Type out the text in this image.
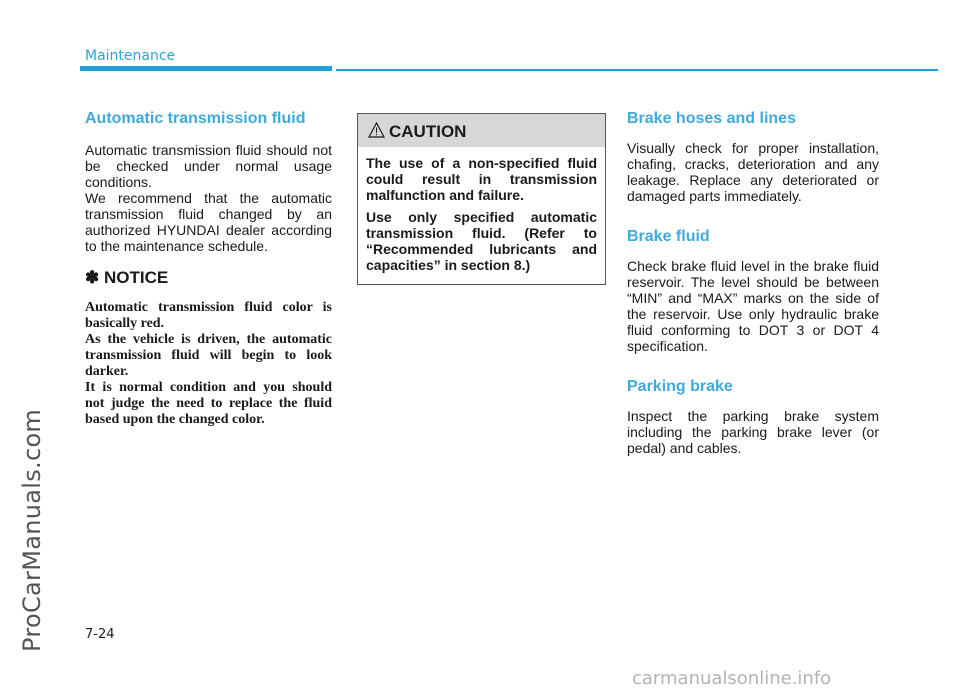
Maintenance
ProCarManuals.com
Automatic transmission fluid

Automatic transmission fluid should not be checked under normal usage conditions.

We recommend that the automatic transmission fluid changed by an authorized HYUNDAI dealer according to the maintenance schedule.

✽ NOTICE
Automatic transmission fluid color is basically red.
As the vehicle is driven, the automatic transmission fluid will begin to look darker.
It is normal condition and you should not judge the need to replace the fluid based upon the changed color.
CAUTION
The use of a non-specified fluid could result in transmission malfunction and failure.
Use only specified automatic transmission fluid. (Refer to “Recommended lubricants and capacities” in section 8.)
Brake hoses and lines

Visually check for proper installation, chafing, cracks, deterioration and any leakage. Replace any deteriorated or damaged parts immediately.

Brake fluid

Check brake fluid level in the brake fluid reservoir. The level should be between “MIN” and “MAX” marks on the side of the reservoir. Use only hydraulic brake fluid conforming to DOT 3 or DOT 4 specification.

Parking brake

Inspect the parking brake system including the parking brake lever (or pedal) and cables.

7-24
carmanualsonline.info
